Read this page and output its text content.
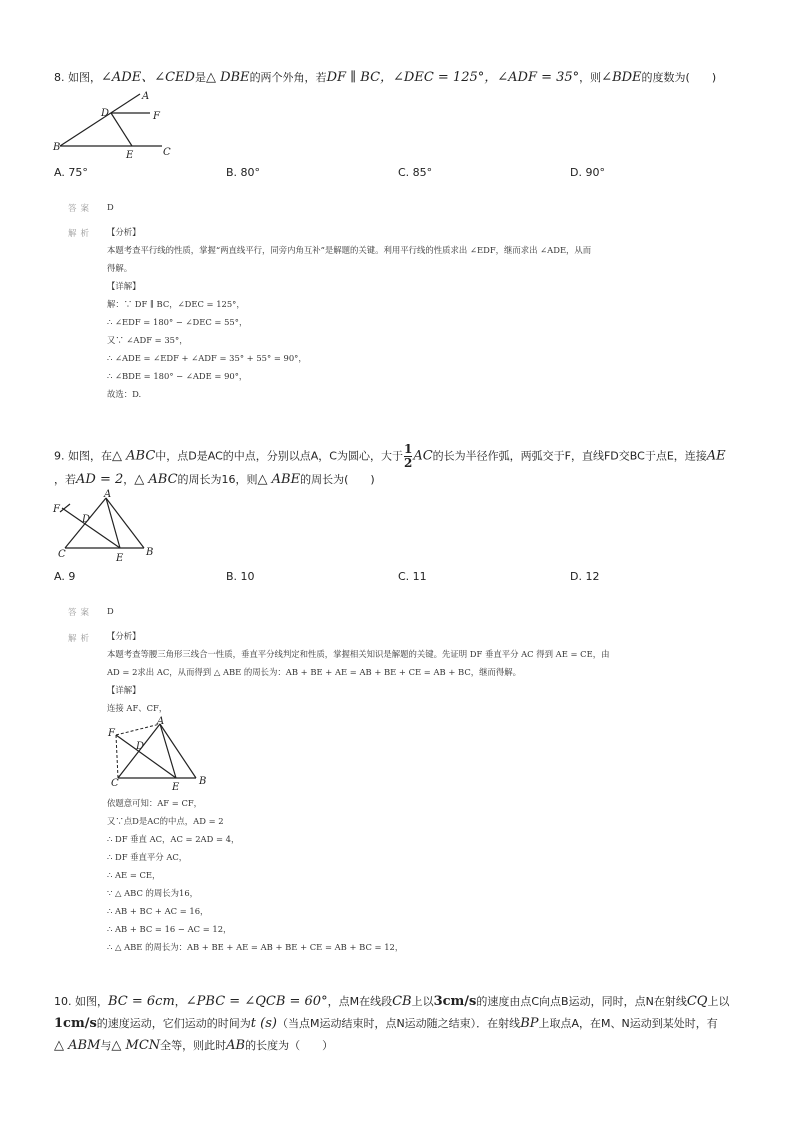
8. 如图，∠ADE、∠CED是△ DBE的两个外角，若DF ∥ BC，∠DEC = 125°，∠ADF = 35°，则∠BDE的度数为(　　)
A
D	F
B
E	C
A. 75°	B. 80°	C. 85°	D. 90°
答案 D
解析 【分析】
本题考查平行线的性质，掌握“两直线平行，同旁内角互补”是解题的关键。利用平行线的性质求出 ∠EDF，继而求出 ∠ADE，从而
得解。
【详解】
解：∵ DF ∥ BC，∠DEC = 125°，
∴ ∠EDF = 180° − ∠DEC = 55°，
又∵ ∠ADF = 35°，
∴ ∠ADE = ∠EDF + ∠ADF = 35° + 55° = 90°，
∴ ∠BDE = 180° − ∠ADE = 90°，
故选：D.
9. 如图，在△ ABC中，点D是AC的中点，分别以点A，C为圆心，大于 $\frac{1}{2}$ AC的长为半径作弧，两弧交于F，直线FD交BC于点E，连接AE
，若AD = 2，△ ABC的周长为16，则△ ABE的周长为(　　)
A
F
D
C	E
B
A. 9	B. 10	C. 11	D. 12
答案 D
解析 【分析】
本题考查等腰三角形三线合一性质，垂直平分线判定和性质，掌握相关知识是解题的关键。先证明 DF 垂直平分 AC 得到 AE = CE，由
AD = 2求出 AC，从而得到 △ ABE 的周长为：AB + BE + AE = AB + BE + CE = AB + BC，继而得解。
【详解】
连接 AF、CF，
A
F
D
C	E
B
依题意可知：AF = CF，
又∵点D是AC的中点，AD = 2
∴ DF 垂直 AC，AC = 2AD = 4，
∴ DF 垂直平分 AC，
∴ AE = CE，
∵ △ ABC 的周长为16，
∴ AB + BC + AC = 16，
∴ AB + BC = 16 − AC = 12，
∴ △ ABE 的周长为：AB + BE + AE = AB + BE + CE = AB + BC = 12，
10. 如图，BC = 6cm，∠PBC = ∠QCB = 60°，点M在线段CB上以3cm/s的速度由点C向点B运动，同时，点N在射线CQ上以
1cm/s的速度运动，它们运动的时间为t (s)（当点M运动结束时，点N运动随之结束）．在射线BP上取点A，在M、N运动到某处时，有
△ ABM与△ MCN全等，则此时AB的长度为（　　）
